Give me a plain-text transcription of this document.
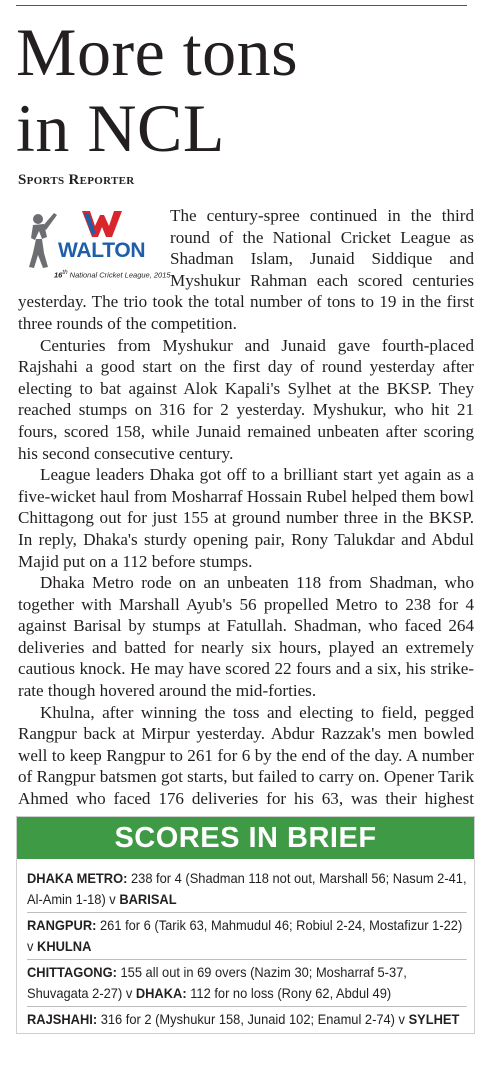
More tons
in NCL
Sports Reporter
WALTON
16th National Cricket League, 2015

The century-spree continued in the third round of the National Cricket League as Shadman Islam, Junaid Siddique and Myshukur Rahman each scored centuries yesterday. The trio took the total number of tons to 19 in the first three rounds of the competition.

Centuries from Myshukur and Junaid gave fourth-placed Rajshahi a good start on the first day of round yesterday after electing to bat against Alok Kapali's Sylhet at the BKSP. They reached stumps on 316 for 2 yesterday. Myshukur, who hit 21 fours, scored 158, while Junaid remained unbeaten after scoring his second consecutive century.

League leaders Dhaka got off to a brilliant start yet again as a five-wicket haul from Mosharraf Hossain Rubel helped them bowl Chittagong out for just 155 at ground number three in the BKSP. In reply, Dhaka's sturdy opening pair, Rony Talukdar and Abdul Majid put on a 112 before stumps.

Dhaka Metro rode on an unbeaten 118 from Shadman, who together with Marshall Ayub's 56 propelled Metro to 238 for 4 against Barisal by stumps at Fatullah. Shadman, who faced 264 deliveries and batted for nearly six hours, played an extremely cautious knock. He may have scored 22 fours and a six, his strike-rate though hovered around the mid-forties.

Khulna, after winning the toss and electing to field, pegged Rangpur back at Mirpur yesterday. Abdur Razzak's men bowled well to keep Rangpur to 261 for 6 by the end of the day. A number of Rangpur batsmen got starts, but failed to carry on. Opener Tarik Ahmed who faced 176 deliveries for his 63, was their highest

SCORES IN BRIEF
DHAKA METRO: 238 for 4 (Shadman 118 not out, Marshall 56; Nasum 2-41, Al-Amin 1-18) v BARISAL
RANGPUR: 261 for 6 (Tarik 63, Mahmudul 46; Robiul 2-24, Mostafizur 1-22) v KHULNA
CHITTAGONG: 155 all out in 69 overs (Nazim 30; Mosharraf 5-37, Shuvagata 2-27) v DHAKA: 112 for no loss (Rony 62, Abdul 49)
RAJSHAHI: 316 for 2 (Myshukur 158, Junaid 102; Enamul 2-74) v SYLHET
